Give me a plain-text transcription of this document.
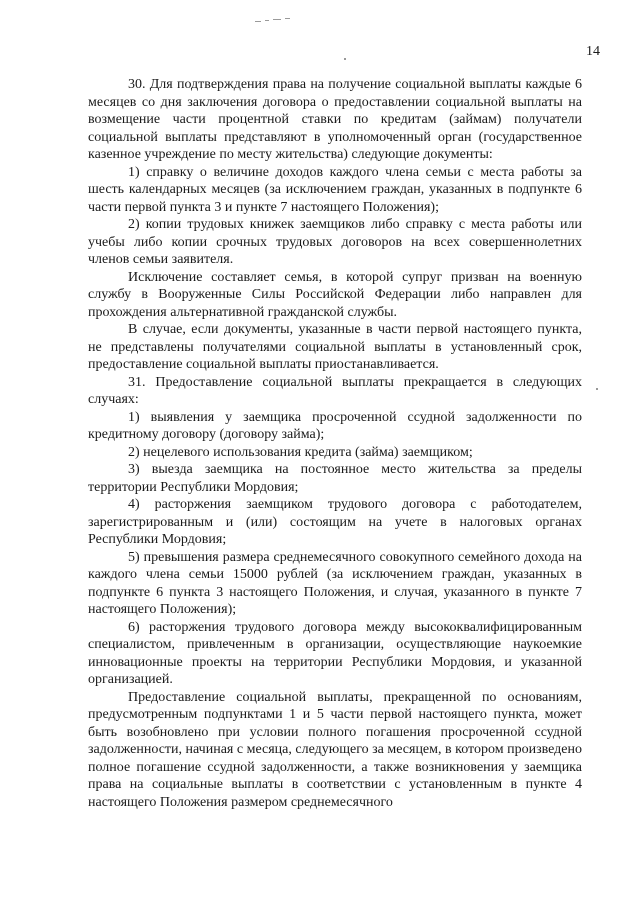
14

30. Для подтверждения права на получение социальной выплаты каждые 6 месяцев со дня заключения договора о предоставлении социальной выплаты на возмещение части процентной ставки по кредитам (займам) получатели социальной выплаты представляют в уполномоченный орган (государственное казенное учреждение по месту жительства) следующие документы:

1) справку о величине доходов каждого члена семьи с места работы за шесть календарных месяцев (за исключением граждан, указанных в подпункте 6 части первой пункта 3 и пункте 7 настоящего Положения);

2) копии трудовых книжек заемщиков либо справку с места работы или учебы либо копии срочных трудовых договоров на всех совершеннолетних членов семьи заявителя.

Исключение составляет семья, в которой супруг призван на военную службу в Вооруженные Силы Российской Федерации либо направлен для прохождения альтернативной гражданской службы.

В случае, если документы, указанные в части первой настоящего пункта, не представлены получателями социальной выплаты в установленный срок, предоставление социальной выплаты приостанавливается.

31. Предоставление социальной выплаты прекращается в следующих случаях:

1) выявления у заемщика просроченной ссудной задолженности по кредитному договору (договору займа);

2) нецелевого использования кредита (займа) заемщиком;

3) выезда заемщика на постоянное место жительства за пределы территории Республики Мордовия;

4) расторжения заемщиком трудового договора с работодателем, зарегистрированным и (или) состоящим на учете в налоговых органах Республики Мордовия;

5) превышения размера среднемесячного совокупного семейного дохода на каждого члена семьи 15000 рублей (за исключением граждан, указанных в подпункте 6 пункта 3 настоящего Положения, и случая, указанного в пункте 7 настоящего Положения);

6) расторжения трудового договора между высококвалифицированным специалистом, привлеченным в организации, осуществляющие наукоемкие инновационные проекты на территории Республики Мордовия, и указанной организацией.

Предоставление социальной выплаты, прекращенной по основаниям, предусмотренным подпунктами 1 и 5 части первой настоящего пункта, может быть возобновлено при условии полного погашения просроченной ссудной задолженности, начиная с месяца, следующего за месяцем, в котором произведено полное погашение ссудной задолженности, а также возникновения у заемщика права на социальные выплаты в соответствии с установленным в пункте 4 настоящего Положения размером среднемесячного
